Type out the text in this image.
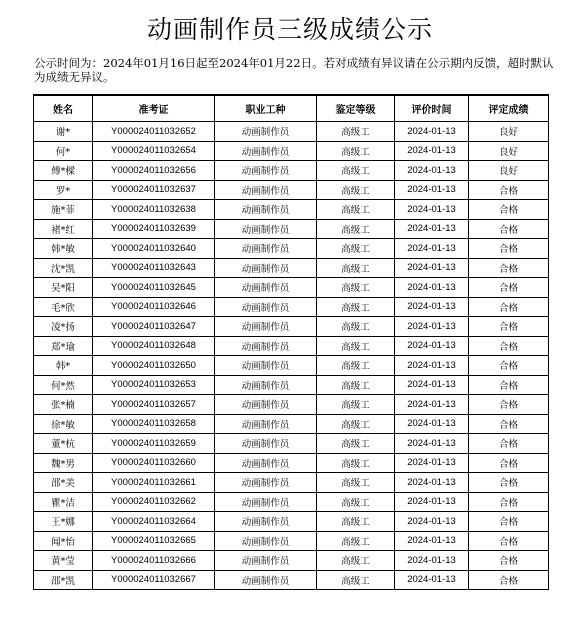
动画制作员三级成绩公示
公示时间为：2024年01月16日起至2024年01月22日。若对成绩有异议请在公示期内反馈，超时默认为成绩无异议。
姓名	准考证	职业工种	鉴定等级	评价时间	评定成绩
谢*	Y000024011032652	动画制作员	高级工	2024-01-13	良好
何*	Y000024011032654	动画制作员	高级工	2024-01-13	良好
傅*樑	Y000024011032656	动画制作员	高级工	2024-01-13	良好
罗*	Y000024011032637	动画制作员	高级工	2024-01-13	合格
施*菲	Y000024011032638	动画制作员	高级工	2024-01-13	合格
褚*红	Y000024011032639	动画制作员	高级工	2024-01-13	合格
韩*敏	Y000024011032640	动画制作员	高级工	2024-01-13	合格
沈*凯	Y000024011032643	动画制作员	高级工	2024-01-13	合格
吴*阳	Y000024011032645	动画制作员	高级工	2024-01-13	合格
毛*欣	Y000024011032646	动画制作员	高级工	2024-01-13	合格
凌*扬	Y000024011032647	动画制作员	高级工	2024-01-13	合格
郑*瑜	Y000024011032648	动画制作员	高级工	2024-01-13	合格
韩*	Y000024011032650	动画制作员	高级工	2024-01-13	合格
何*然	Y000024011032653	动画制作员	高级工	2024-01-13	合格
张*楠	Y000024011032657	动画制作员	高级工	2024-01-13	合格
徐*敏	Y000024011032658	动画制作员	高级工	2024-01-13	合格
董*杭	Y000024011032659	动画制作员	高级工	2024-01-13	合格
魏*男	Y000024011032660	动画制作员	高级工	2024-01-13	合格
邵*美	Y000024011032661	动画制作员	高级工	2024-01-13	合格
瞿*洁	Y000024011032662	动画制作员	高级工	2024-01-13	合格
王*娜	Y000024011032664	动画制作员	高级工	2024-01-13	合格
闻*怡	Y000024011032665	动画制作员	高级工	2024-01-13	合格
黄*莹	Y000024011032666	动画制作员	高级工	2024-01-13	合格
邵*凯	Y000024011032667	动画制作员	高级工	2024-01-13	合格
